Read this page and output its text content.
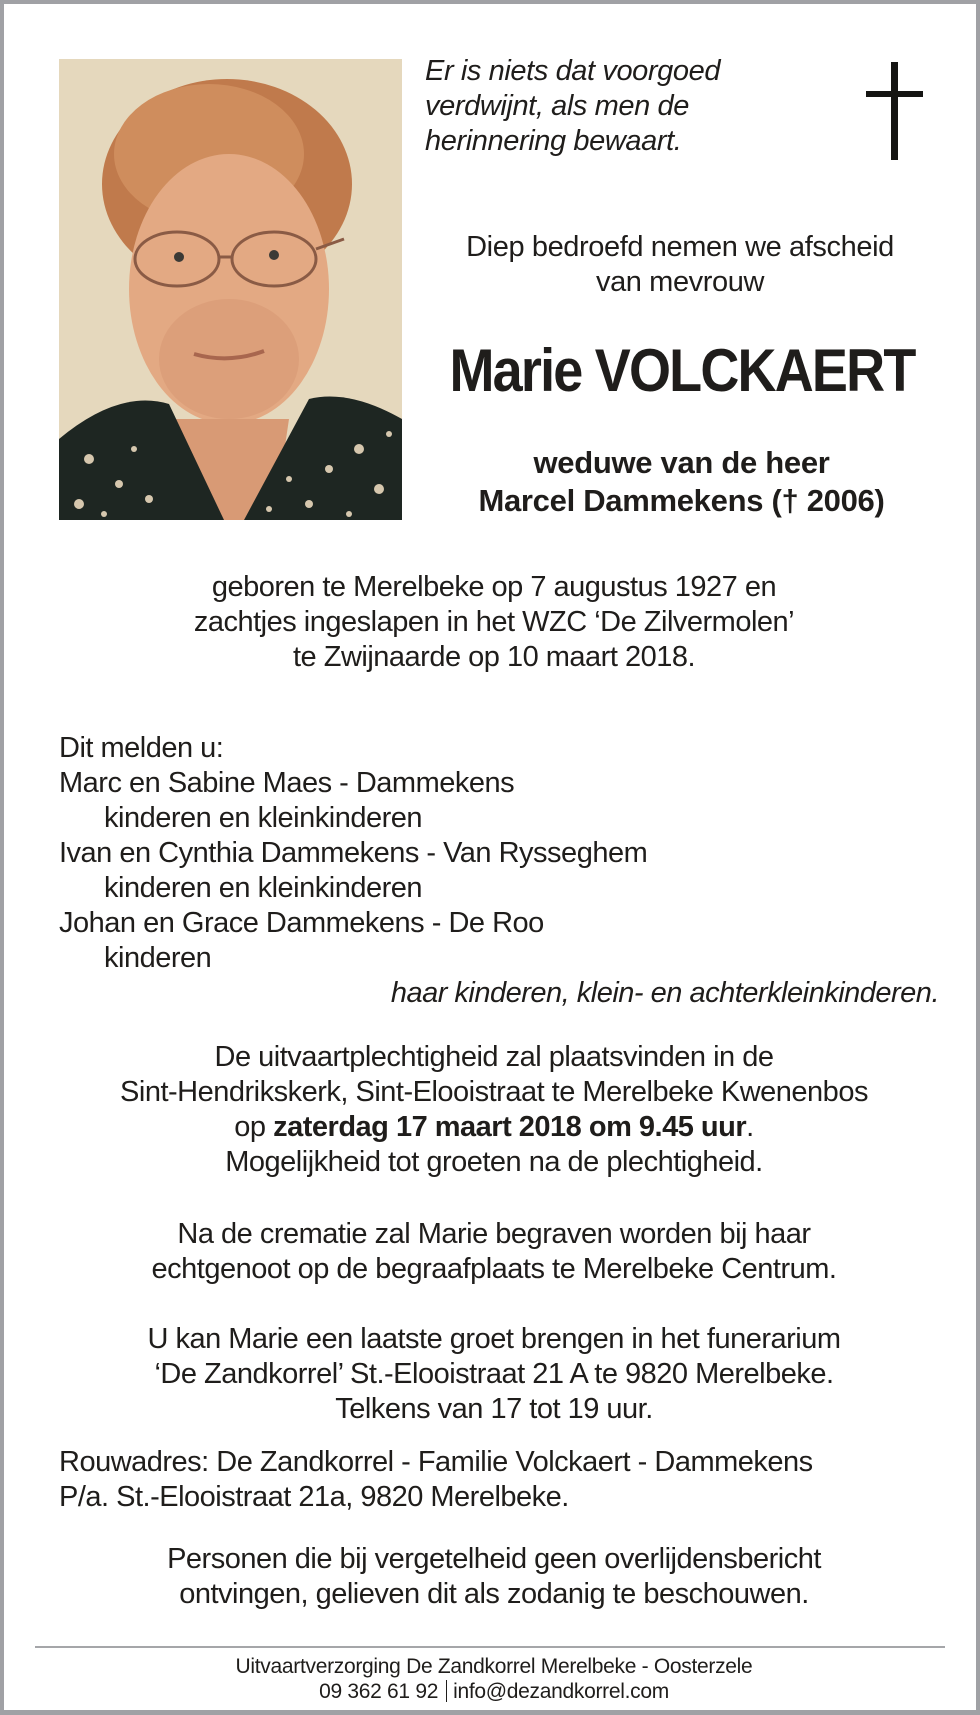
Er is niets dat voorgoed
verdwijnt, als men de
herinnering bewaart.
Diep bedroefd nemen we afscheid
van mevrouw
Marie VOLCKAERT
weduwe van de heer
Marcel Dammekens († 2006)
geboren te Merelbeke op 7 augustus 1927 en
zachtjes ingeslapen in het WZC ‘De Zilvermolen’
te Zwijnaarde op 10 maart 2018.
Dit melden u:
Marc en Sabine Maes - Dammekens
kinderen en kleinkinderen
Ivan en Cynthia Dammekens - Van Rysseghem
kinderen en kleinkinderen
Johan en Grace Dammekens - De Roo
kinderen
haar kinderen, klein- en achterkleinkinderen.
De uitvaartplechtigheid zal plaatsvinden in de
Sint-Hendrikskerk, Sint-Elooistraat te Merelbeke Kwenenbos
op zaterdag 17 maart 2018 om 9.45 uur.
Mogelijkheid tot groeten na de plechtigheid.
Na de crematie zal Marie begraven worden bij haar
echtgenoot op de begraafplaats te Merelbeke Centrum.
U kan Marie een laatste groet brengen in het funerarium
‘De Zandkorrel’ St.-Elooistraat 21 A te 9820 Merelbeke.
Telkens van 17 tot 19 uur.
Rouwadres: De Zandkorrel - Familie Volckaert - Dammekens
P/a. St.-Elooistraat 21a, 9820 Merelbeke.
Personen die bij vergetelheid geen overlijdensbericht
ontvingen, gelieven dit als zodanig te beschouwen.
Uitvaartverzorging De Zandkorrel Merelbeke - Oosterzele
09 362 61 92 info@dezandkorrel.com
